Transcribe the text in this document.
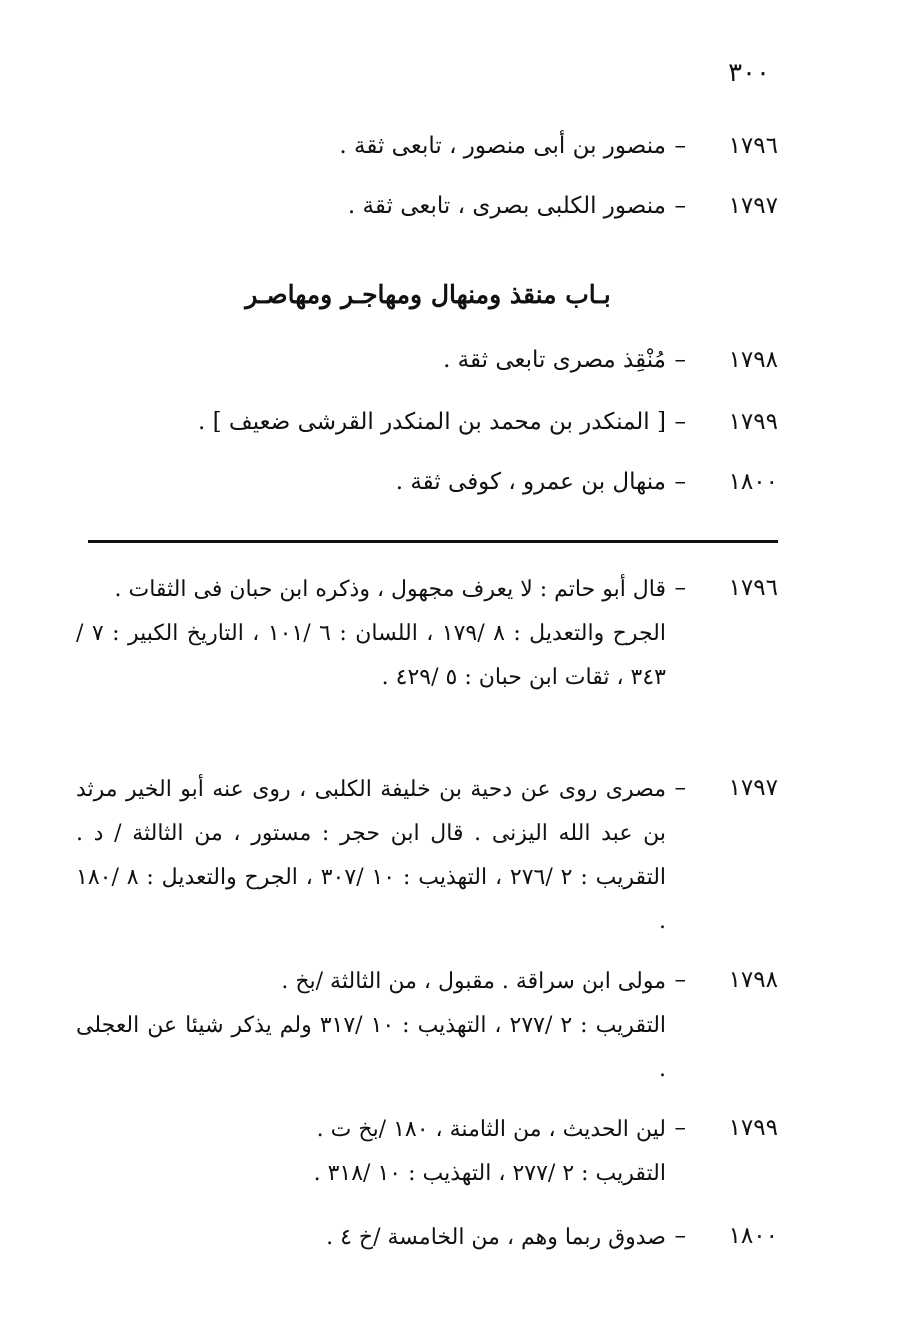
٣٠٠
١٧٩٦
–
منصور بن أبى منصور ، تابعى ثقة .
١٧٩٧
–
منصور الكلبى بصرى ، تابعى ثقة .
بـاب منقذ ومنهال ومهاجـر ومهاصـر
١٧٩٨
–
مُنْقِذ مصرى تابعى ثقة .
١٧٩٩
–
[ المنكدر بن محمد بن المنكدر القرشى ضعيف ] .
١٨٠٠
–
منهال بن عمرو ، كوفى ثقة .
١٧٩٦
–

قال أبو حاتم : لا يعرف مجهول ، وذكره ابن حبان فى الثقات .

الجرح والتعديل : ٨ /١٧٩ ، اللسان : ٦ /١٠١ ، التاريخ الكبير : ٧ /٣٤٣ ، ثقات ابن حبان : ٥ /٤٢٩ .

١٧٩٧
–

مصرى روى عن دحية بن خليفة الكلبى ، روى عنه أبو الخير مرثد بن عبد الله اليزنى . قال ابن حجر : مستور ، من الثالثة / د . التقريب : ٢ /٢٧٦ ، التهذيب : ١٠ /٣٠٧ ، الجرح والتعديل : ٨ /١٨٠ .

١٧٩٨
–

مولى ابن سراقة . مقبول ، من الثالثة /بخ .

التقريب : ٢ /٢٧٧ ، التهذيب : ١٠ /٣١٧ ولم يذكر شيئا عن العجلى .

١٧٩٩
–

لين الحديث ، من الثامنة ، ١٨٠ /بخ ت .

التقريب : ٢ /٢٧٧ ، التهذيب : ١٠ /٣١٨ .

١٨٠٠
–

صدوق ربما وهم ، من الخامسة /خ ٤ .
